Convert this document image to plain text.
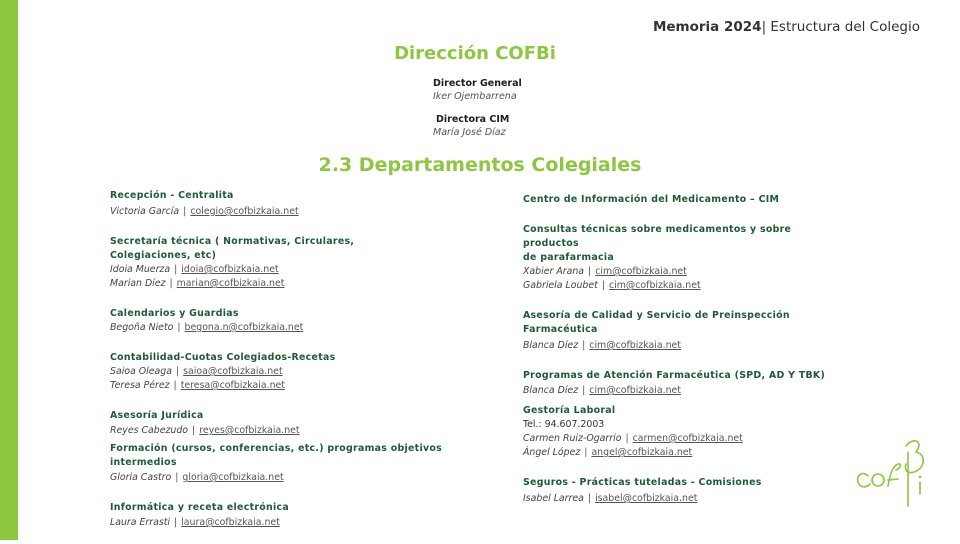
Memoria 2024| Estructura del Colegio
Dirección COFBi
Director General
Iker Ojembarrena
Directora CIM
María José Díaz
2.3 Departamentos Colegiales
Recepción - Centralita
Victoria García | colegio@cofbizkaia.net
Secretaría técnica ( Normativas, Circulares,
Colegiaciones, etc)
Idoia Muerza | idoia@cofbizkaia.net
Marian Díez | marian@cofbizkaia.net
Calendarios y Guardias
Begoña Nieto | begona.n@cofbizkaia.net
Contabilidad-Cuotas Colegiados-Recetas
Saioa Oleaga | saioa@cofbizkaia.net
Teresa Pérez | teresa@cofbizkaia.net
Asesoría Jurídica
Reyes Cabezudo | reyes@cofbizkaia.net
Formación (cursos, conferencias, etc.) programas objetivos intermedios
Gloria Castro | gloria@cofbizkaia.net
Informática y receta electrónica
Laura Errasti | laura@cofbizkaia.net
Centro de Información del Medicamento – CIM
Consultas técnicas sobre medicamentos y sobre productos
de parafarmacia
Xabier Arana | cim@cofbizkaia.net
Gabriela Loubet | cim@cofbizkaia.net
Asesoría de Calidad y Servicio de Preinspección
Farmacéutica
Blanca Díez | cim@cofbizkaia.net
Programas de Atención Farmacéutica (SPD, AD Y TBK)
Blanca Díez | cim@cofbizkaia.net
Gestoría Laboral
Tel.: 94.607.2003
Carmen Ruiz-Ogarrio | carmen@cofbizkaia.net
Ángel López | angel@cofbizkaia.net
Seguros - Prácticas tuteladas - Comisiones
Isabel Larrea | isabel@cofbizkaia.net
